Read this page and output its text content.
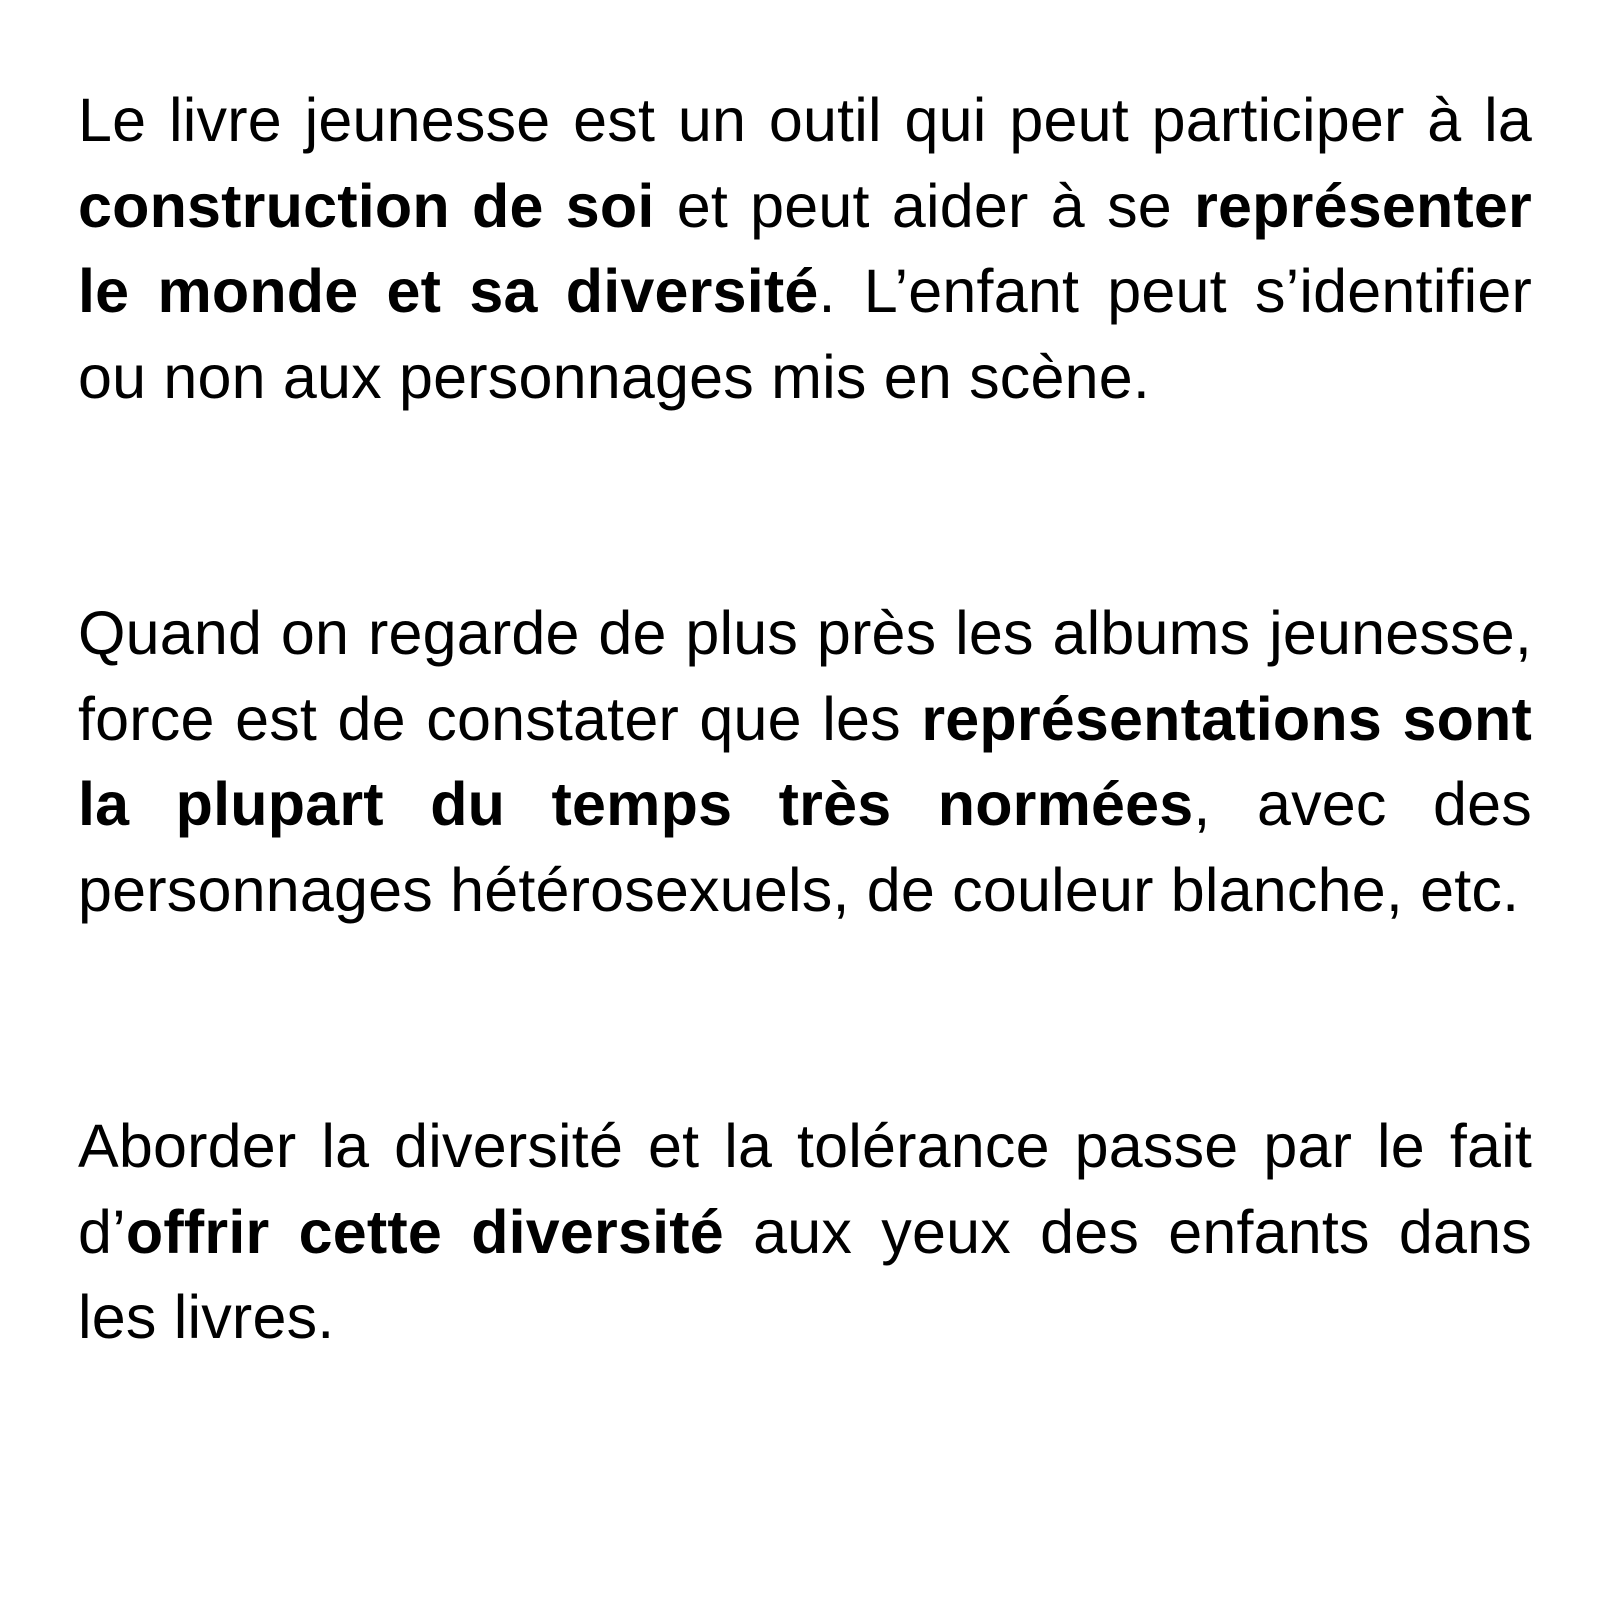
Le livre jeunesse est un outil qui peut participer à la construction de soi et peut aider à se représenter le monde et sa diversité. L’enfant peut s’identifier ou non aux personnages mis en scène.

Quand on regarde de plus près les albums jeunesse, force est de constater que les représentations sont la plupart du temps très normées, avec des personnages hétérosexuels, de couleur blanche, etc.

Aborder la diversité et la tolérance passe par le fait d’offrir cette diversité aux yeux des enfants dans les livres.
